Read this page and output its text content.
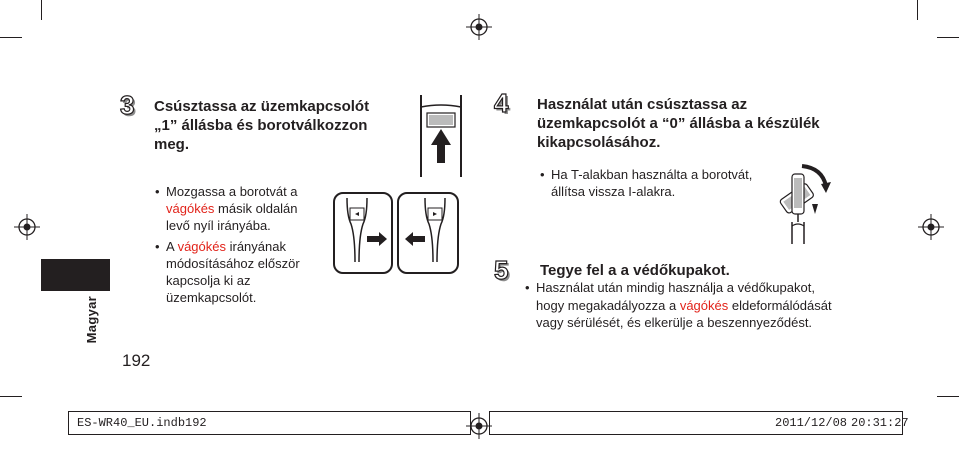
Magyar
192
3 Csúsztassa az üzemkapcsolót
„1” állásba és borotválkozzon
meg.
• Mozgassa a borotvát a
vágókés másik oldalán
levő nyíl irányába.
• A vágókés irányának
módosításához először
kapcsolja ki az
üzemkapcsolót.
4 Használat után csúsztassa az
üzemkapcsolót a “0” állásba a készülék
kikapcsolásához.
• Ha T-alakban használta a borotvát,
állítsa vissza I-alakra.
5 Tegye fel a a védőkupakot.
• Használat után mindig használja a védőkupakot,
hogy megakadályozza a vágókés eldeformálódását
vagy sérülését, és elkerülje a beszennyeződést.
ES-WR40_EU.indb 192	2011/12/08 20:31:27
